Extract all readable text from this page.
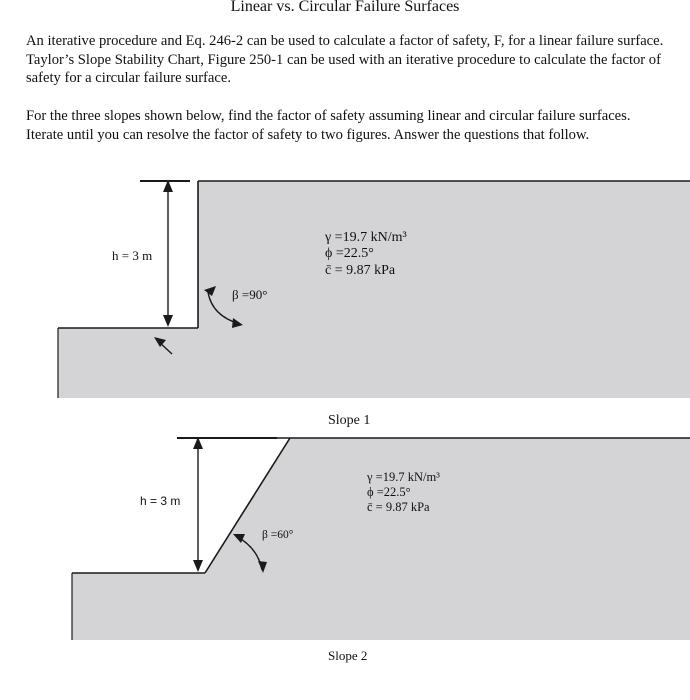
Linear vs. Circular Failure Surfaces
An iterative procedure and Eq. 246-2 can be used to calculate a factor of safety, F, for a linear failure surface. Taylor’s Slope Stability Chart, Figure 250-1 can be used with an iterative procedure to calculate the factor of safety for a circular failure surface.
For the three slopes shown below, find the factor of safety assuming linear and circular failure surfaces. Iterate until you can resolve the factor of safety to two figures. Answer the questions that follow.
h = 3 m
β =90°
γ =19.7 kN/m³
ϕ =22.5°
c̄ = 9.87 kPa
Slope 1
h = 3 m
β =60°
γ =19.7 kN/m³
ϕ =22.5°
c̄ = 9.87 kPa
Slope 2
